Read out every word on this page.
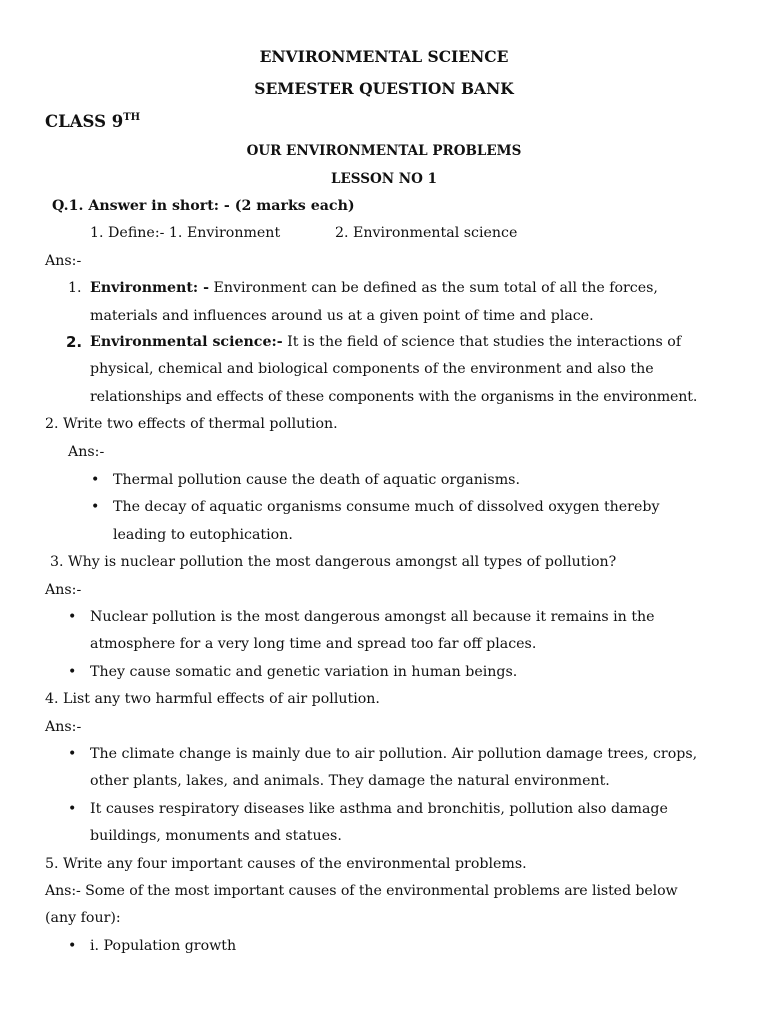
ENVIRONMENTAL SCIENCE
SEMESTER QUESTION BANK
CLASS 9TH
OUR ENVIRONMENTAL PROBLEMS
LESSON NO 1
Q.1. Answer in short: - (2 marks each)
1. Define:- 1. Environment	2. Environmental science
Ans:-
1. Environment: - Environment can be defined as the sum total of all the forces,
materials and influences around us at a given point of time and place.
2. Environmental science:- It is the field of science that studies the interactions of
physical, chemical and biological components of the environment and also the
relationships and effects of these components with the organisms in the environment.
2. Write two effects of thermal pollution.
Ans:-
• Thermal pollution cause the death of aquatic organisms.
• The decay of aquatic organisms consume much of dissolved oxygen thereby
leading to eutophication.
3. Why is nuclear pollution the most dangerous amongst all types of pollution?
Ans:-
• Nuclear pollution is the most dangerous amongst all because it remains in the
atmosphere for a very long time and spread too far off places.
• They cause somatic and genetic variation in human beings.
4. List any two harmful effects of air pollution.
Ans:-
• The climate change is mainly due to air pollution. Air pollution damage trees, crops,
other plants, lakes, and animals. They damage the natural environment.
• It causes respiratory diseases like asthma and bronchitis, pollution also damage
buildings, monuments and statues.
5. Write any four important causes of the environmental problems.
Ans:- Some of the most important causes of the environmental problems are listed below
(any four):
• i. Population growth
